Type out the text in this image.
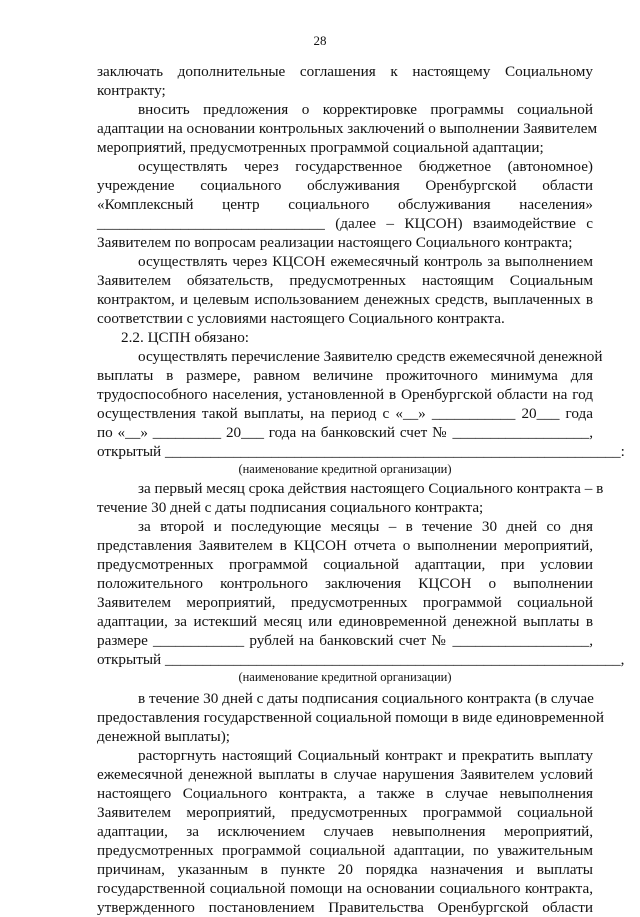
28
заключать дополнительные соглашения к настоящему Социальному
контракту;
вносить предложения о корректировке программы социальной
адаптации на основании контрольных заключений о выполнении Заявителем
мероприятий, предусмотренных программой социальной адаптации;
осуществлять через государственное бюджетное (автономное)
учреждение социального обслуживания Оренбургской области
«Комплексный центр социального обслуживания населения»
______________________________ (далее – КЦСОН) взаимодействие с
Заявителем по вопросам реализации настоящего Социального контракта;
осуществлять через КЦСОН ежемесячный контроль за выполнением
Заявителем обязательств, предусмотренных настоящим Социальным
контрактом, и целевым использованием денежных средств, выплаченных в
соответствии с условиями настоящего Социального контракта.
2.2. ЦСПН обязано:
осуществлять перечисление Заявителю средств ежемесячной денежной
выплаты в размере, равном величине прожиточного минимума для
трудоспособного населения, установленной в Оренбургской области на год
осуществления такой выплаты, на период с «__» ___________ 20___ года
по «__» _________ 20___ года на банковский счет № __________________,
открытый ____________________________________________________________:
(наименование кредитной организации)
за первый месяц срока действия настоящего Социального контракта – в
течение 30 дней с даты подписания социального контракта;
за второй и последующие месяцы – в течение 30 дней со дня
представления Заявителем в КЦСОН отчета о выполнении мероприятий,
предусмотренных программой социальной адаптации, при условии
положительного контрольного заключения КЦСОН о выполнении
Заявителем мероприятий, предусмотренных программой социальной
адаптации, за истекший месяц или единовременной денежной выплаты в
размере ____________ рублей на банковский счет № __________________,
открытый ____________________________________________________________,
(наименование кредитной организации)
в течение 30 дней с даты подписания социального контракта (в случае
предоставления государственной социальной помощи в виде единовременной
денежной выплаты);
расторгнуть настоящий Социальный контракт и прекратить выплату
ежемесячной денежной выплаты в случае нарушения Заявителем условий
настоящего Социального контракта, а также в случае невыполнения
Заявителем мероприятий, предусмотренных программой социальной
адаптации, за исключением случаев невыполнения мероприятий,
предусмотренных программой социальной адаптации, по уважительным
причинам, указанным в пункте 20 порядка назначения и выплаты
государственной социальной помощи на основании социального контракта,
утвержденного постановлением Правительства Оренбургской области
